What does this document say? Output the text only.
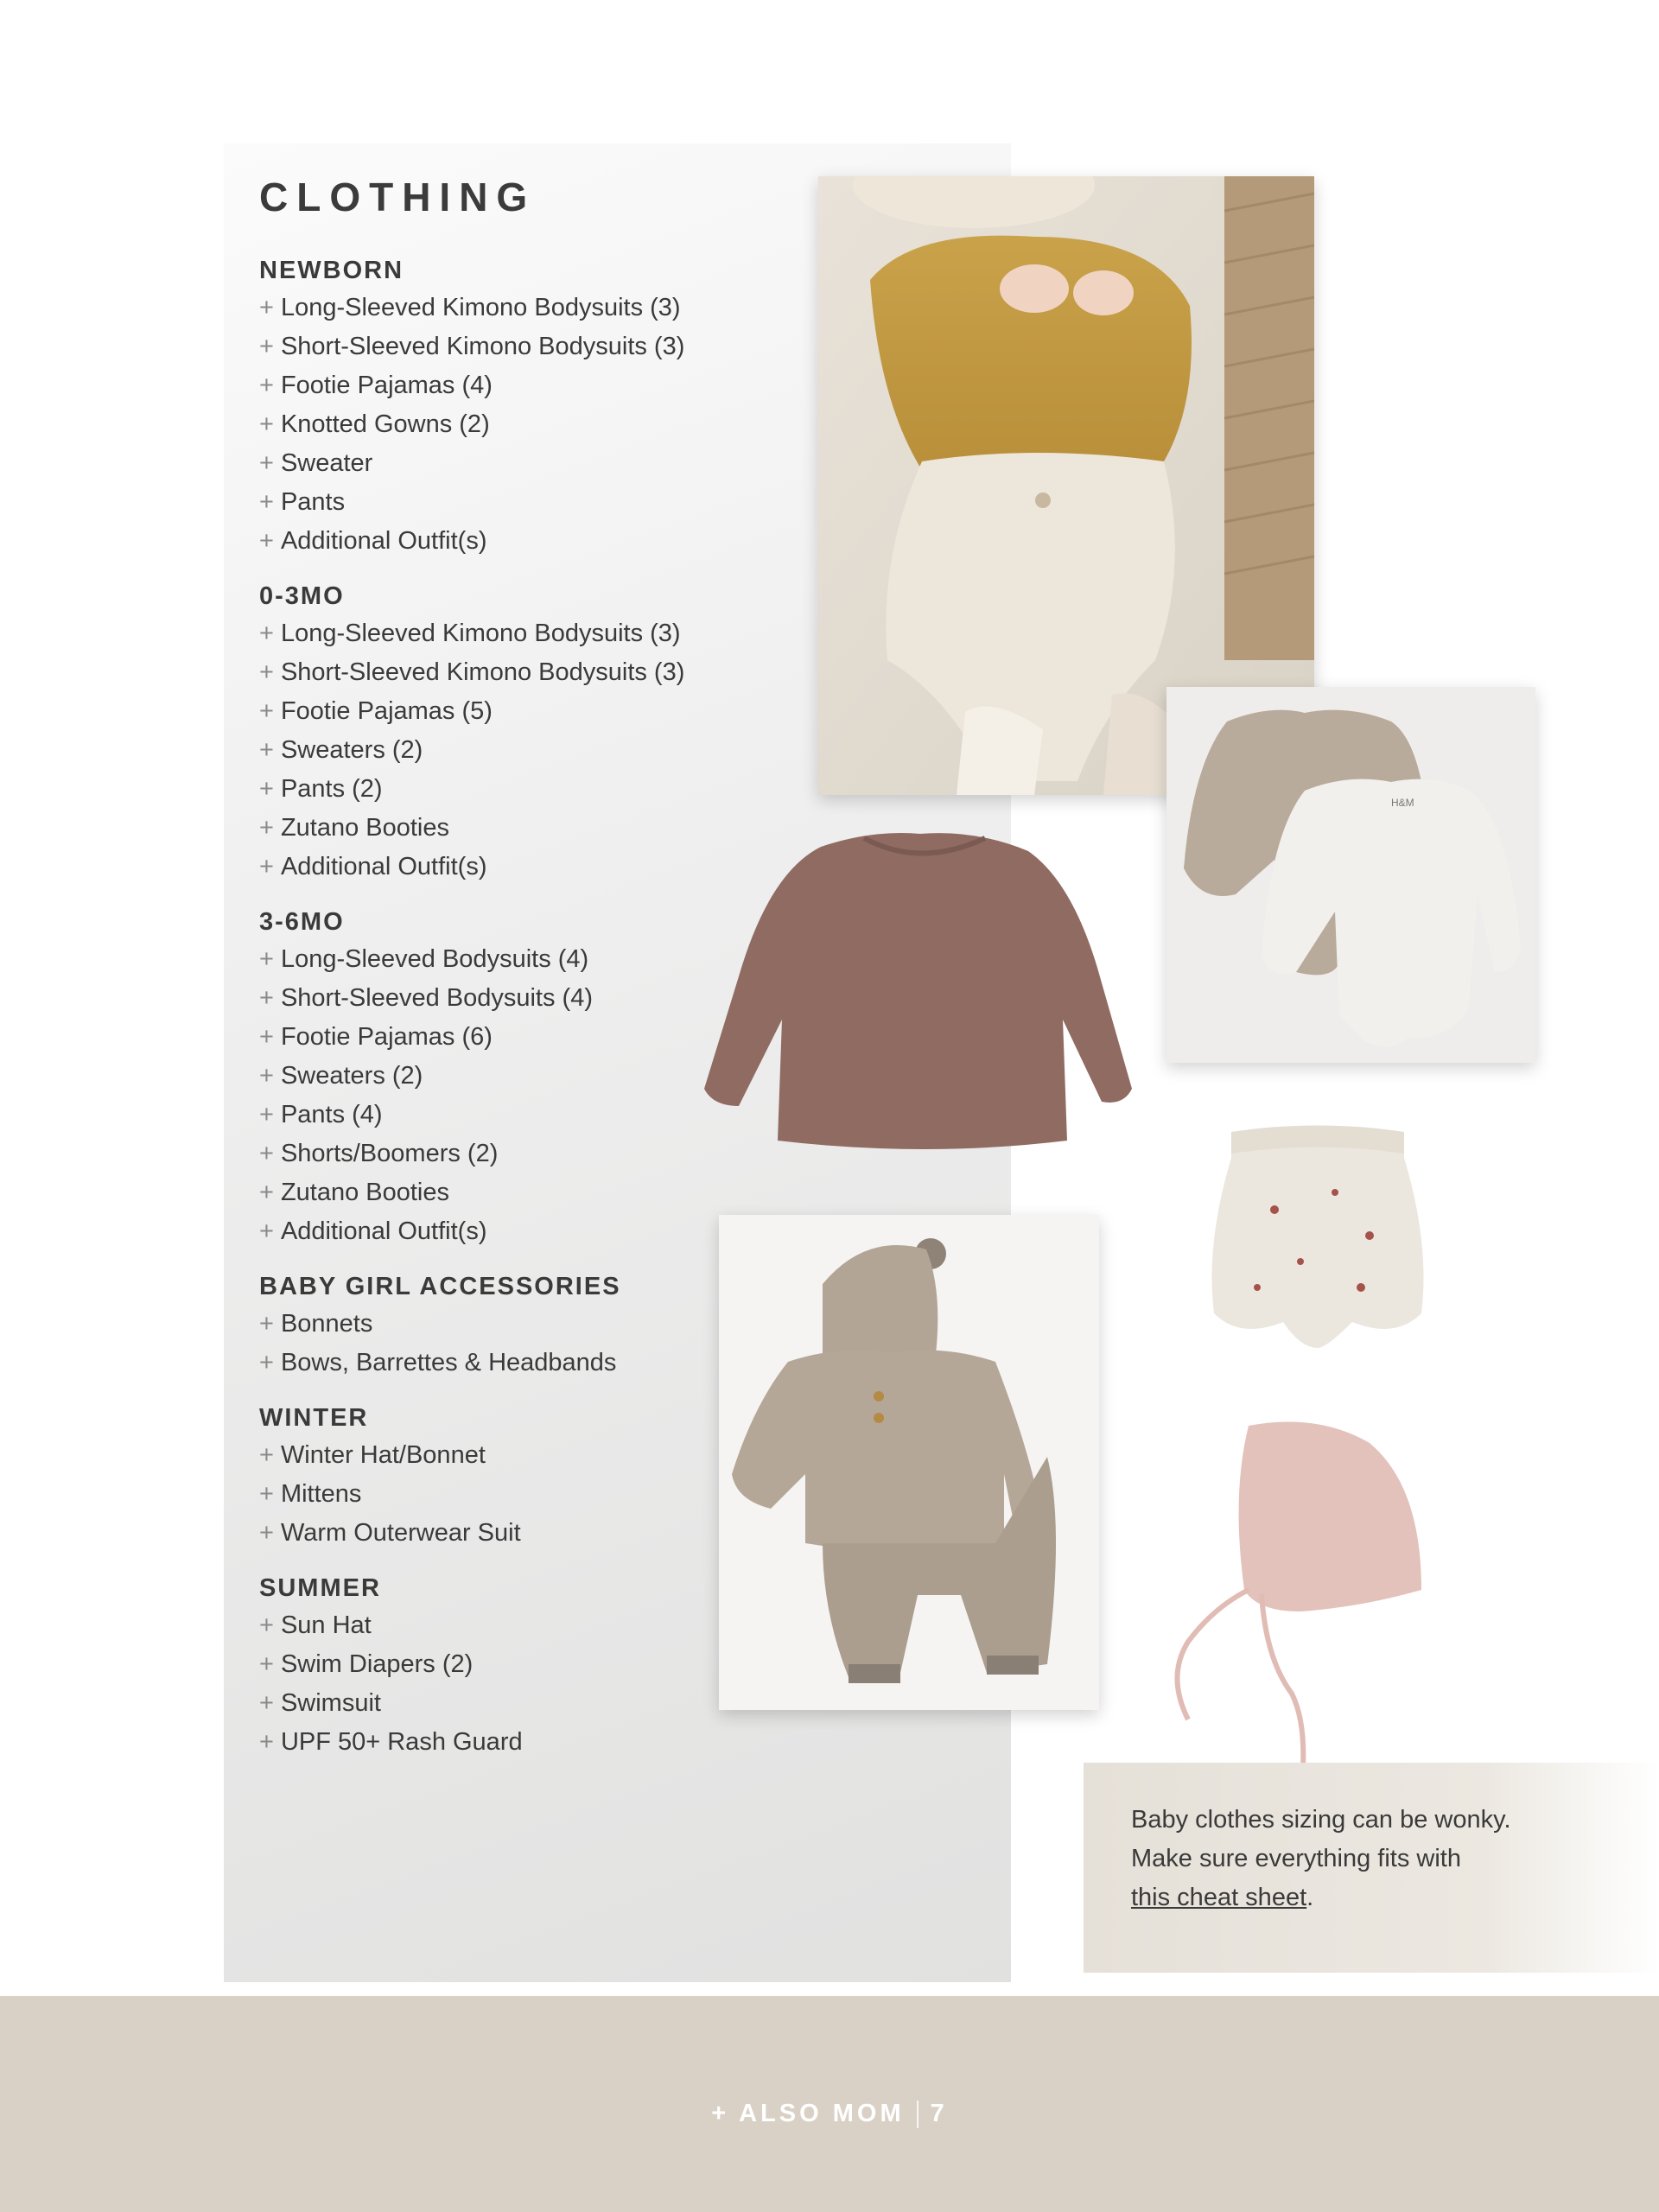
CLOTHING
NEWBORN

+ Long-Sleeved Kimono Bodysuits (3)

+ Short-Sleeved Kimono Bodysuits (3)

+ Footie Pajamas (4)

+ Knotted Gowns (2)

+ Sweater

+ Pants

+ Additional Outfit(s)

0-3MO

+ Long-Sleeved Kimono Bodysuits (3)

+ Short-Sleeved Kimono Bodysuits (3)

+ Footie Pajamas (5)

+ Sweaters (2)

+ Pants (2)

+ Zutano Booties

+ Additional Outfit(s)

3-6MO

+ Long-Sleeved Bodysuits (4)

+ Short-Sleeved Bodysuits (4)

+ Footie Pajamas (6)

+ Sweaters (2)

+ Pants (4)

+ Shorts/Boomers (2)

+ Zutano Booties

+ Additional Outfit(s)

BABY GIRL ACCESSORIES

+ Bonnets

+ Bows, Barrettes & Headbands

WINTER

+ Winter Hat/Bonnet

+ Mittens

+ Warm Outerwear Suit

SUMMER

+ Sun Hat

+ Swim Diapers (2)

+ Swimsuit

+ UPF 50+ Rash Guard

H&M

Baby clothes sizing can be wonky.
Make sure everything fits with
this cheat sheet.

+ ALSO MOM 7
